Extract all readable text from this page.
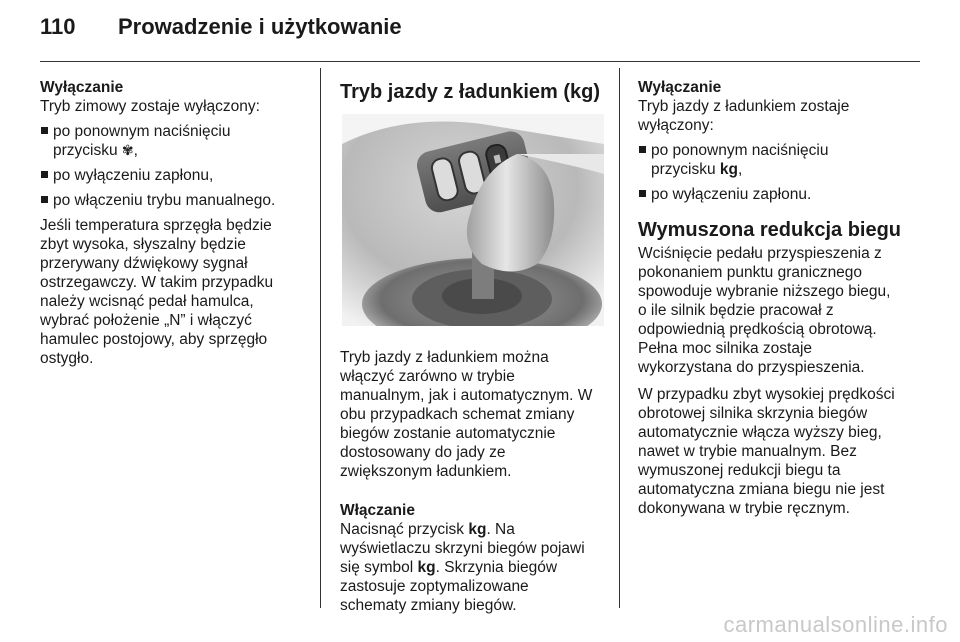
110 Prowadzenie i użytkowanie

Wyłączanie

Tryb zimowy zostaje wyłączony:

po ponownym naciśnięciu
przycisku ✾,
po wyłączeniu zapłonu,
po włączeniu trybu manualnego.

Jeśli temperatura sprzęgła będzie
zbyt wysoka, słyszalny będzie
przerywany dźwiękowy sygnał
ostrzegawczy. W takim przypadku
należy wcisnąć pedał hamulca,
wybrać położenie „N” i włączyć
hamulec postojowy, aby sprzęgło
ostygło.

Tryb jazdy z ładunkiem (kg)

Tryb jazdy z ładunkiem można
włączyć zarówno w trybie
manualnym, jak i automatycznym. W
obu przypadkach schemat zmiany
biegów zostanie automatycznie
dostosowany do jady ze
zwiększonym ładunkiem.

Włączanie

Nacisnąć przycisk kg. Na
wyświetlaczu skrzyni biegów pojawi
się symbol kg. Skrzynia biegów
zastosuje zoptymalizowane
schematy zmiany biegów.

Wyłączanie

Tryb jazdy z ładunkiem zostaje
wyłączony:

po ponownym naciśnięciu
przycisku kg,
po wyłączeniu zapłonu.

Wymuszona redukcja biegu

Wciśnięcie pedału przyspieszenia z
pokonaniem punktu granicznego
spowoduje wybranie niższego biegu,
o ile silnik będzie pracował z
odpowiednią prędkością obrotową.
Pełna moc silnika zostaje
wykorzystana do przyspieszenia.

W przypadku zbyt wysokiej prędkości
obrotowej silnika skrzynia biegów
automatycznie włącza wyższy bieg,
nawet w trybie manualnym. Bez
wymuszonej redukcji biegu ta
automatyczna zmiana biegu nie jest
dokonywana w trybie ręcznym.

carmanualsonline.info
